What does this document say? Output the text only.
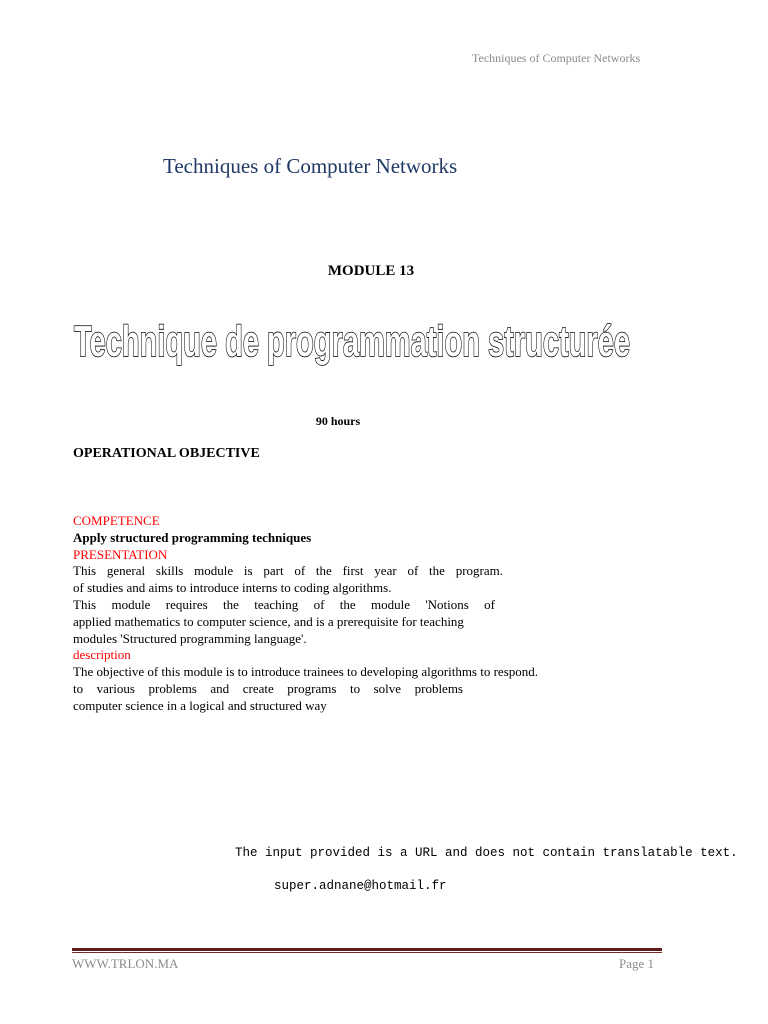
Techniques of Computer Networks
Techniques of Computer Networks
MODULE 13
Technique de programmation structurée
90 hours
OPERATIONAL OBJECTIVE
COMPETENCE
Apply structured programming techniques
PRESENTATION
This general skills module is part of the first year of the program.
of studies and aims to introduce interns to coding algorithms.
This module requires the teaching of the module 'Notions of
applied mathematics to computer science, and is a prerequisite for teaching
modules 'Structured programming language'.
description
The objective of this module is to introduce trainees to developing algorithms to respond.
to various problems and create programs to solve problems
computer science in a logical and structured way
The input provided is a URL and does not contain translatable text.
super.adnane@hotmail.fr
WWW.TRLON.MA	Page 1
